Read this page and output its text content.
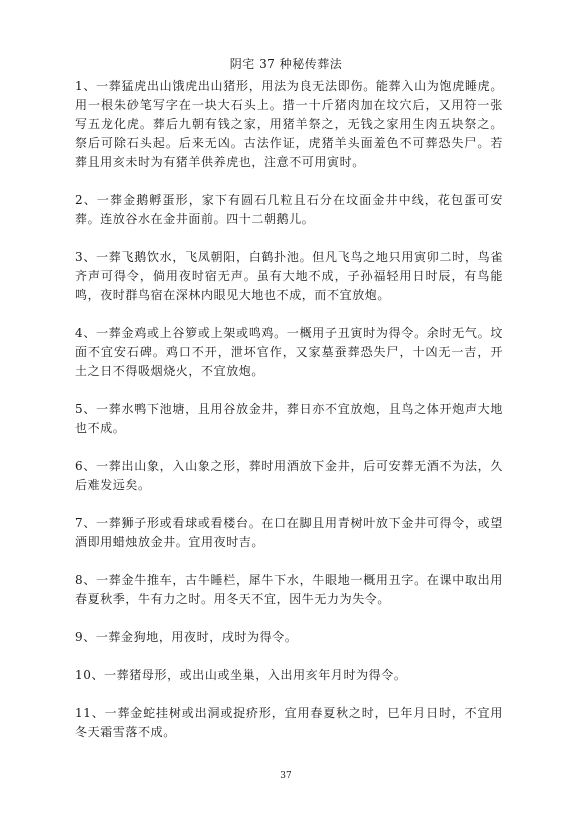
阴宅 37 种秘传葬法

1、一葬猛虎出山饿虎出山猪形，用法为良无法即伤。能葬入山为饱虎睡虎。用一根朱砂笔写字在一块大石头上。措一十斤猪肉加在坟穴后，又用符一张写五龙化虎。葬后九朝有钱之家，用猪羊祭之，无钱之家用生肉五块祭之。祭后可除石头起。后来无凶。古法作证，虎猪羊头面羞色不可葬恐失尸。若葬且用亥未时为有猪羊供养虎也，注意不可用寅时。

2、一葬金鹅孵蛋形，家下有圆石几粒且石分在坟面金井中线，花包蛋可安葬。连放谷水在金井面前。四十二朝鹅儿。

3、一葬飞鹅饮水，飞凤朝阳，白鹤扑池。但凡飞鸟之地只用寅卯二时，鸟雀齐声可得令，倘用夜时宿无声。虽有大地不成，子孙福轻用日时辰，有鸟能鸣，夜时群鸟宿在深林内眼见大地也不成，而不宜放炮。

4、一葬金鸡或上谷箩或上架或鸣鸡。一概用子丑寅时为得令。余时无气。坟面不宜安石碑。鸡口不开，泄坏官作，又家墓蚕葬恐失尸，十凶无一吉，开土之日不得吸烟烧火，不宜放炮。

5、一葬水鸭下池塘，且用谷放金井，葬日亦不宜放炮，且鸟之体开炮声大地也不成。

6、一葬出山象，入山象之形，葬时用酒放下金井，后可安葬无酒不为法，久后难发远矣。

7、一葬狮子形或看球或看楼台。在口在脚且用青树叶放下金井可得令，或望酒即用蜡烛放金井。宜用夜时吉。

8、一葬金牛推车，古牛睡栏，犀牛下水，牛眼地一概用丑字。在课中取出用春夏秋季，牛有力之时。用冬天不宜，因牛无力为失令。

9、一葬金狗地，用夜时，戌时为得令。

10、一葬猪母形，或出山或坐巢，入出用亥年月时为得令。

11、一葬金蛇挂树或出洞或捉疥形，宜用春夏秋之时，巳年月日时，不宜用冬天霜雪落不成。

37
